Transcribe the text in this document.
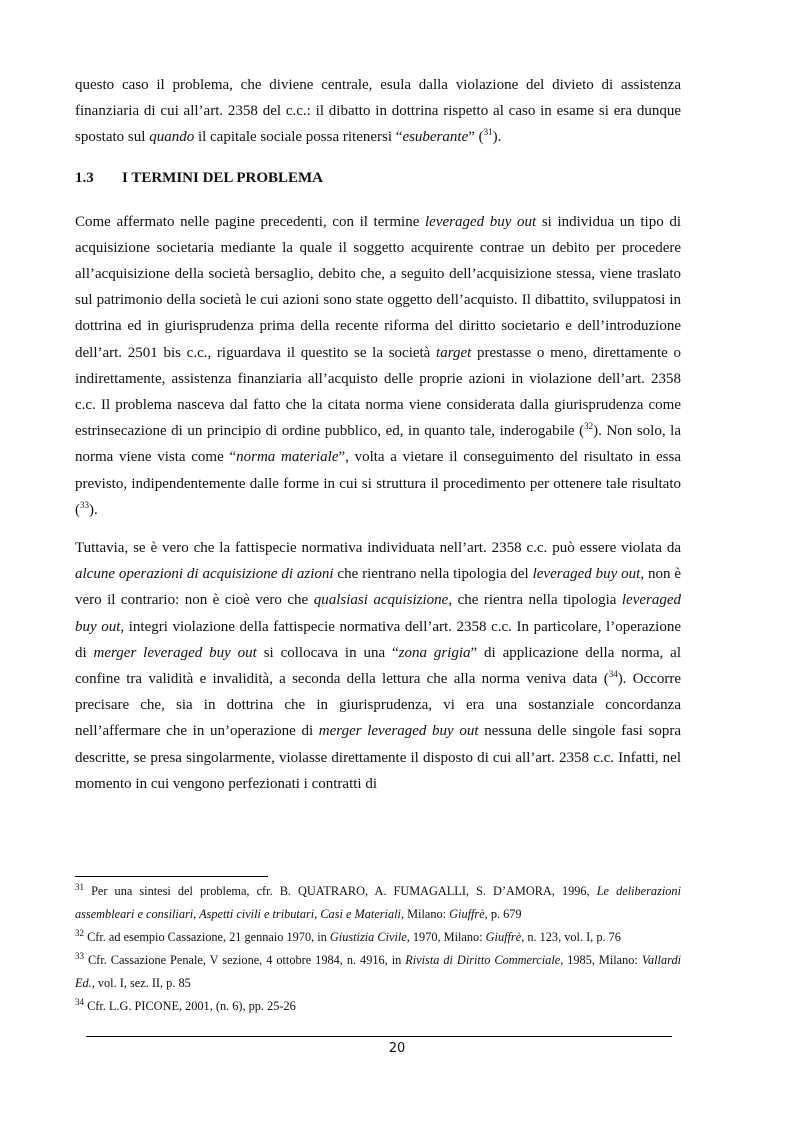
questo caso il problema, che diviene centrale, esula dalla violazione del divieto di assistenza finanziaria di cui all’art. 2358 del c.c.: il dibatto in dottrina rispetto al caso in esame si era dunque spostato sul quando il capitale sociale possa ritenersi “esuberante” ($^{31}$).

1.3 I TERMINI DEL PROBLEMA

Come affermato nelle pagine precedenti, con il termine leveraged buy out si individua un tipo di acquisizione societaria mediante la quale il soggetto acquirente contrae un debito per procedere all’acquisizione della società bersaglio, debito che, a seguito dell’acquisizione stessa, viene traslato sul patrimonio della società le cui azioni sono state oggetto dell’acquisto. Il dibattito, sviluppatosi in dottrina ed in giurisprudenza prima della recente riforma del diritto societario e dell’introduzione dell’art. 2501 bis c.c., riguardava il questito se la società target prestasse o meno, direttamente o indirettamente, assistenza finanziaria all’acquisto delle proprie azioni in violazione dell’art. 2358 c.c. Il problema nasceva dal fatto che la citata norma viene considerata dalla giurisprudenza come estrinsecazione di un principio di ordine pubblico, ed, in quanto tale, inderogabile ($^{32}$). Non solo, la norma viene vista come “norma materiale”, volta a vietare il conseguimento del risultato in essa previsto, indipendentemente dalle forme in cui si struttura il procedimento per ottenere tale risultato ($^{33}$).

Tuttavia, se è vero che la fattispecie normativa individuata nell’art. 2358 c.c. può essere violata da alcune operazioni di acquisizione di azioni che rientrano nella tipologia del leveraged buy out, non è vero il contrario: non è cioè vero che qualsiasi acquisizione, che rientra nella tipologia leveraged buy out, integri violazione della fattispecie normativa dell’art. 2358 c.c. In particolare, l’operazione di merger leveraged buy out si collocava in una “zona grigia” di applicazione della norma, al confine tra validità e invalidità, a seconda della lettura che alla norma veniva data ($^{34}$). Occorre precisare che, sia in dottrina che in giurisprudenza, vi era una sostanziale concordanza nell’affermare che in un’operazione di merger leveraged buy out nessuna delle singole fasi sopra descritte, se presa singolarmente, violasse direttamente il disposto di cui all’art. 2358 c.c. Infatti, nel momento in cui vengono perfezionati i contratti di

$^{31}$ Per una sintesi del problema, cfr. B. QUATRARO, A. FUMAGALLI, S. D’AMORA, 1996, Le deliberazioni assembleari e consiliari, Aspetti civili e tributari, Casi e Materiali, Milano: Giuffrè, p. 679

$^{32}$ Cfr. ad esempio Cassazione, 21 gennaio 1970, in Giustizia Civile, 1970, Milano: Giuffrè, n. 123, vol. I, p. 76

$^{33}$ Cfr. Cassazione Penale, V sezione, 4 ottobre 1984, n. 4916, in Rivista di Diritto Commerciale, 1985, Milano: Vallardi Ed., vol. I, sez. II, p. 85

$^{34}$ Cfr. L.G. PICONE, 2001, (n. 6), pp. 25-26

20
